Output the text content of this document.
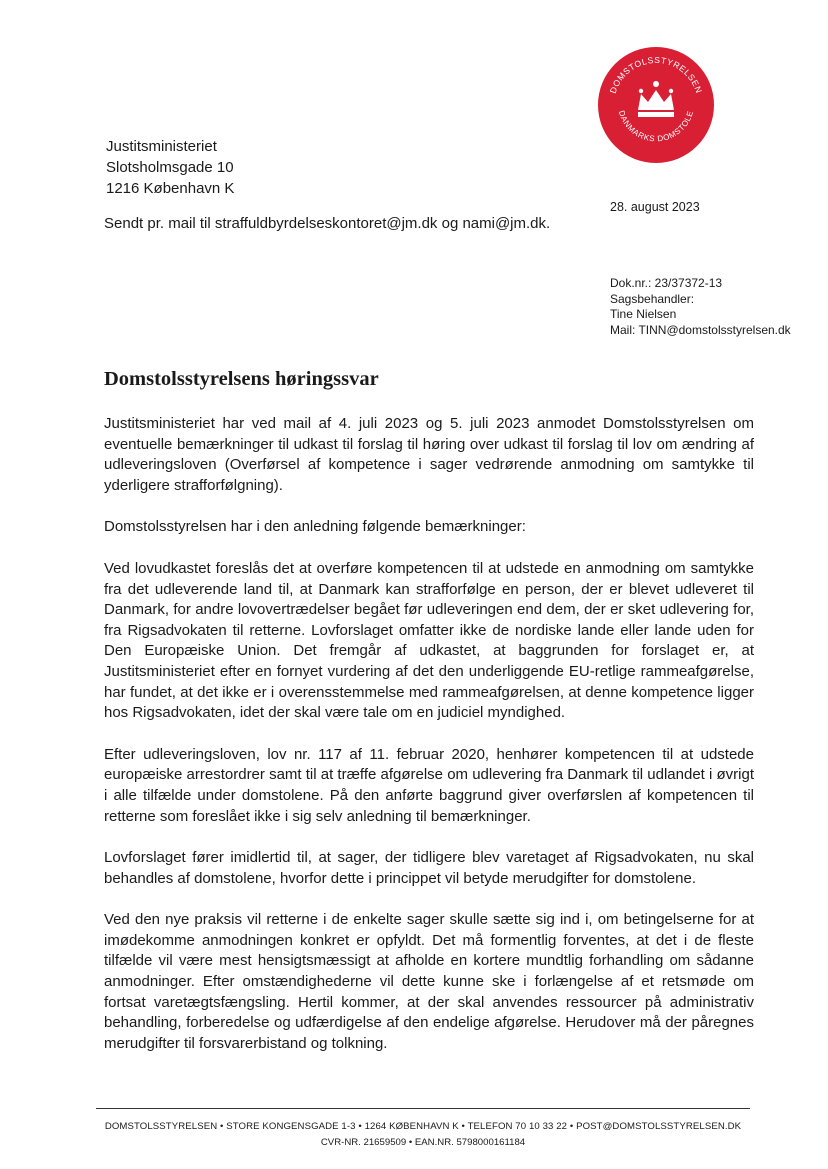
DOMSTOLSSTYRELSEN
DANMARKS DOMSTOLE
Justitsministeriet
Slotsholmsgade 10
1216 København K
Sendt pr. mail til straffuldbyrdelseskontoret@jm.dk og nami@jm.dk.
28. august 2023
Dok.nr.: 23/37372-13
Sagsbehandler:
Tine Nielsen
Mail: TINN@domstolsstyrelsen.dk
Domstolsstyrelsens høringssvar

Justitsministeriet har ved mail af 4. juli 2023 og 5. juli 2023 anmodet Domstolsstyrelsen om eventuelle bemærkninger til udkast til forslag til høring over udkast til forslag til lov om ændring af udleveringsloven (Overførsel af kompetence i sager vedrørende anmodning om samtykke til yderligere strafforfølgning).

Domstolsstyrelsen har i den anledning følgende bemærkninger:

Ved lovudkastet foreslås det at overføre kompetencen til at udstede en anmodning om samtykke fra det udleverende land til, at Danmark kan strafforfølge en person, der er blevet udleveret til Danmark, for andre lovovertrædelser begået før udleveringen end dem, der er sket udlevering for, fra Rigsadvokaten til retterne. Lovforslaget omfatter ikke de nordiske lande eller lande uden for Den Europæiske Union. Det fremgår af udkastet, at baggrunden for forslaget er, at Justitsministeriet efter en fornyet vurdering af det den underliggende EU-retlige rammeafgørelse, har fundet, at det ikke er i overensstemmelse med rammeafgørelsen, at denne kompetence ligger hos Rigsadvokaten, idet der skal være tale om en judiciel myndighed.

Efter udleveringsloven, lov nr. 117 af 11. februar 2020, henhører kompetencen til at udstede europæiske arrestordrer samt til at træffe afgørelse om udlevering fra Danmark til udlandet i øvrigt i alle tilfælde under domstolene. På den anførte baggrund giver overførslen af kompetencen til retterne som foreslået ikke i sig selv anledning til bemærkninger.

Lovforslaget fører imidlertid til, at sager, der tidligere blev varetaget af Rigsadvokaten, nu skal behandles af domstolene, hvorfor dette i princippet vil betyde merudgifter for domstolene.

Ved den nye praksis vil retterne i de enkelte sager skulle sætte sig ind i, om betingelserne for at imødekomme anmodningen konkret er opfyldt. Det må formentlig forventes, at det i de fleste tilfælde vil være mest hensigtsmæssigt at afholde en kortere mundtlig forhandling om sådanne anmodninger. Efter omstændighederne vil dette kunne ske i forlængelse af et retsmøde om fortsat varetægtsfængsling. Hertil kommer, at der skal anvendes ressourcer på administrativ behandling, forberedelse og udfærdigelse af den endelige afgørelse. Herudover må der påregnes merudgifter til forsvarerbistand og tolkning.

DOMSTOLSSTYRELSEN • STORE KONGENSGADE 1-3 • 1264 KØBENHAVN K • TELEFON 70 10 33 22 • POST@DOMSTOLSSTYRELSEN.DK
CVR-NR. 21659509 • EAN.NR. 5798000161184
